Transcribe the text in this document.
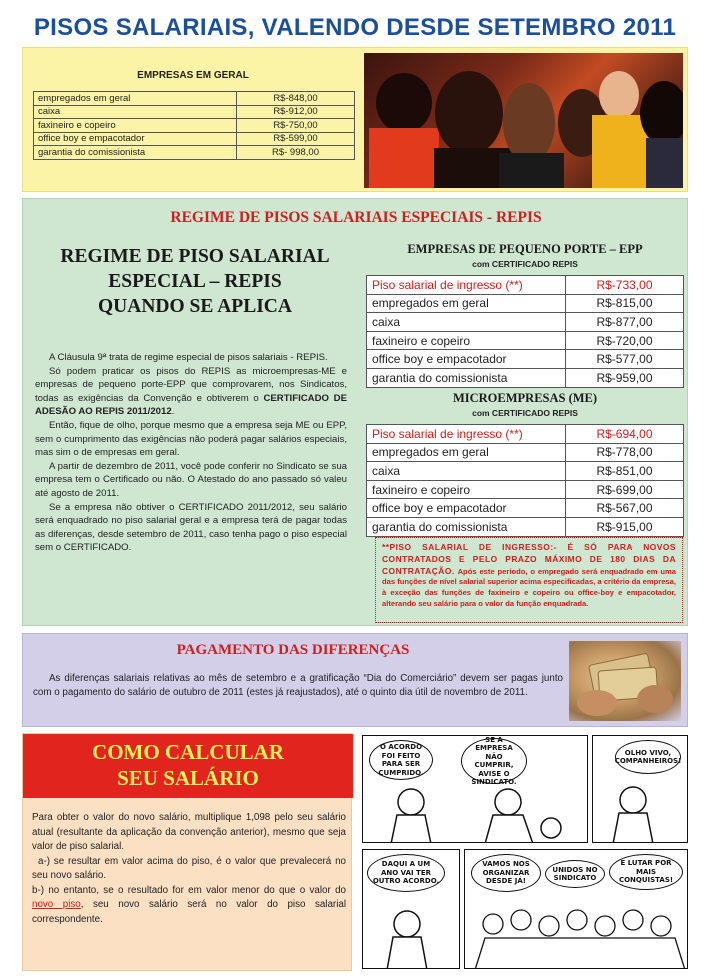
PISOS SALARIAIS, VALENDO DESDE SETEMBRO 2011
EMPRESAS EM GERAL
empregados em geral	R$-848,00
caixa	R$-912,00
faxineiro e copeiro	R$-750,00
office boy e empacotador	R$-599,00
garantia do comissionista	R$- 998,00
REGIME DE PISOS SALARIAIS ESPECIAIS - REPIS
REGIME DE PISO SALARIAL
ESPECIAL – REPIS
QUANDO SE APLICA

A Cláusula 9ª trata de regime especial de pisos salariais - REPIS.

Só podem praticar os pisos do REPIS as microempresas-ME e empresas de pequeno porte-EPP que comprovarem, nos Sindicatos, todas as exigências da Convenção e obtiverem o CERTIFICADO DE ADESÃO AO REPIS 2011/2012.

Então, fique de olho, porque mesmo que a empresa seja ME ou EPP, sem o cumprimento das exigências não poderá pagar salários especiais, mas sim o de empresas em geral.

A partir de dezembro de 2011, você pode conferir no Sindicato se sua empresa tem o Certificado ou não. O Atestado do ano passado só valeu até agosto de 2011.

Se a empresa não obtiver o CERTIFICADO 2011/2012, seu salário será enquadrado no piso salarial geral e a empresa terá de pagar todas as diferenças, desde setembro de 2011, caso tenha pago o piso especial sem o CERTIFICADO.

EMPRESAS DE PEQUENO PORTE – EPP
com CERTIFICADO REPIS
Piso salarial de ingresso (**)	R$-733,00
empregados em geral	R$-815,00
caixa	R$-877,00
faxineiro e copeiro	R$-720,00
office boy e empacotador	R$-577,00
garantia do comissionista	R$-959,00
MICROEMPRESAS (ME)
com CERTIFICADO REPIS
Piso salarial de ingresso (**)	R$-694,00
empregados em geral	R$-778,00
caixa	R$-851,00
faxineiro e copeiro	R$-699,00
office boy e empacotador	R$-567,00
garantia do comissionista	R$-915,00
**PISO SALARIAL DE INGRESSO:- É SÓ PARA NOVOS CONTRATADOS E PELO PRAZO MÁXIMO DE 180 DIAS DA CONTRATAÇÃO. Após este período, o empregado será enquadrado em uma das funções de nível salarial superior acima especificadas, a critério da empresa, à exceção das funções de faxineiro e copeiro ou office-boy e empacotador, alterando seu salário para o valor da função enquadrada.
PAGAMENTO DAS DIFERENÇAS
As diferenças salariais relativas ao mês de setembro e a gratificação “Dia do Comerciário” devem ser pagas junto com o pagamento do salário de outubro de 2011 (estes já reajustados), até o quinto dia útil de novembro de 2011.
COMO CALCULAR
SEU SALÁRIO

Para obter o valor do novo salário, multiplique 1,098 pelo seu salário atual (resultante da aplicação da convenção anterior), mesmo que seja valor de piso salarial.

a-) se resultar em valor acima do piso, é o valor que prevalecerá no seu novo salário.

b-) no entanto, se o resultado for em valor menor do que o valor do novo piso, seu novo salário será no valor do piso salarial correspondente.

O ACORDO FOI FEITO PARA SER CUMPRIDO.
SE A EMPRESA NÃO CUMPRIR, AVISE O SINDICATO.
OLHO VIVO, COMPANHEIROS!
DAQUI A UM ANO VAI TER OUTRO ACORDO.
VAMOS NOS ORGANIZAR DESDE JÁ!
UNIDOS NO SINDICATO
E LUTAR POR MAIS CONQUISTAS!
